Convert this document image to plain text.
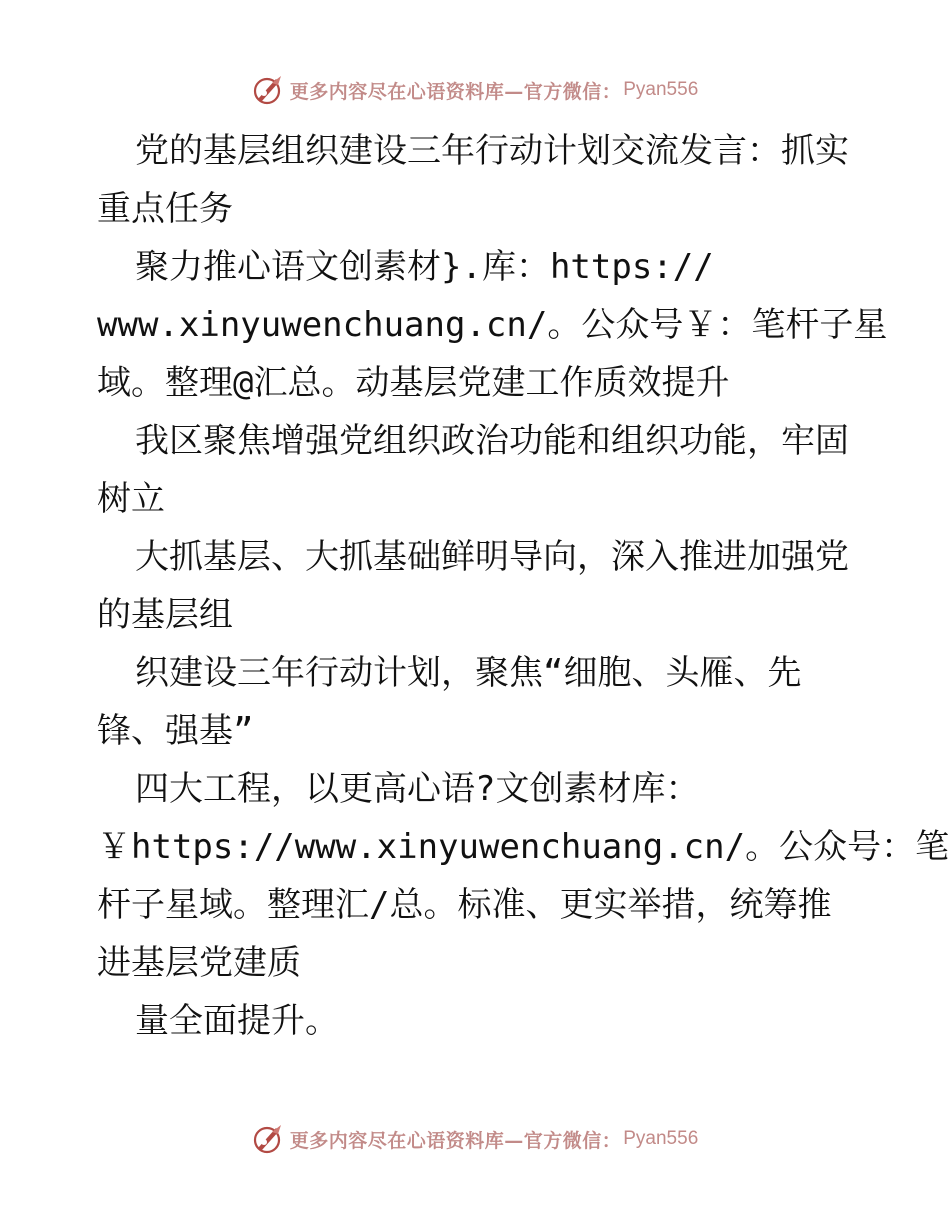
更多内容尽在心语资料库—官方微信： Pyan556
党的基层组织建设三年行动计划交流发言：抓实
重点任务
聚力推心语文创素材}.库：https://
www.xinyuwenchuang.cn/。公众号￥：笔杆子星
域。整理@汇总。动基层党建工作质效提升
我区聚焦增强党组织政治功能和组织功能，牢固
树立
大抓基层、大抓基础鲜明导向，深入推进加强党
的基层组
织建设三年行动计划，聚焦“细胞、头雁、先
锋、强基”
四大工程，以更高心语?文创素材库：
￥https://www.xinyuwenchuang.cn/。公众号：笔
杆子星域。整理汇/总。标准、更实举措，统筹推
进基层党建质
量全面提升。
更多内容尽在心语资料库—官方微信： Pyan556
